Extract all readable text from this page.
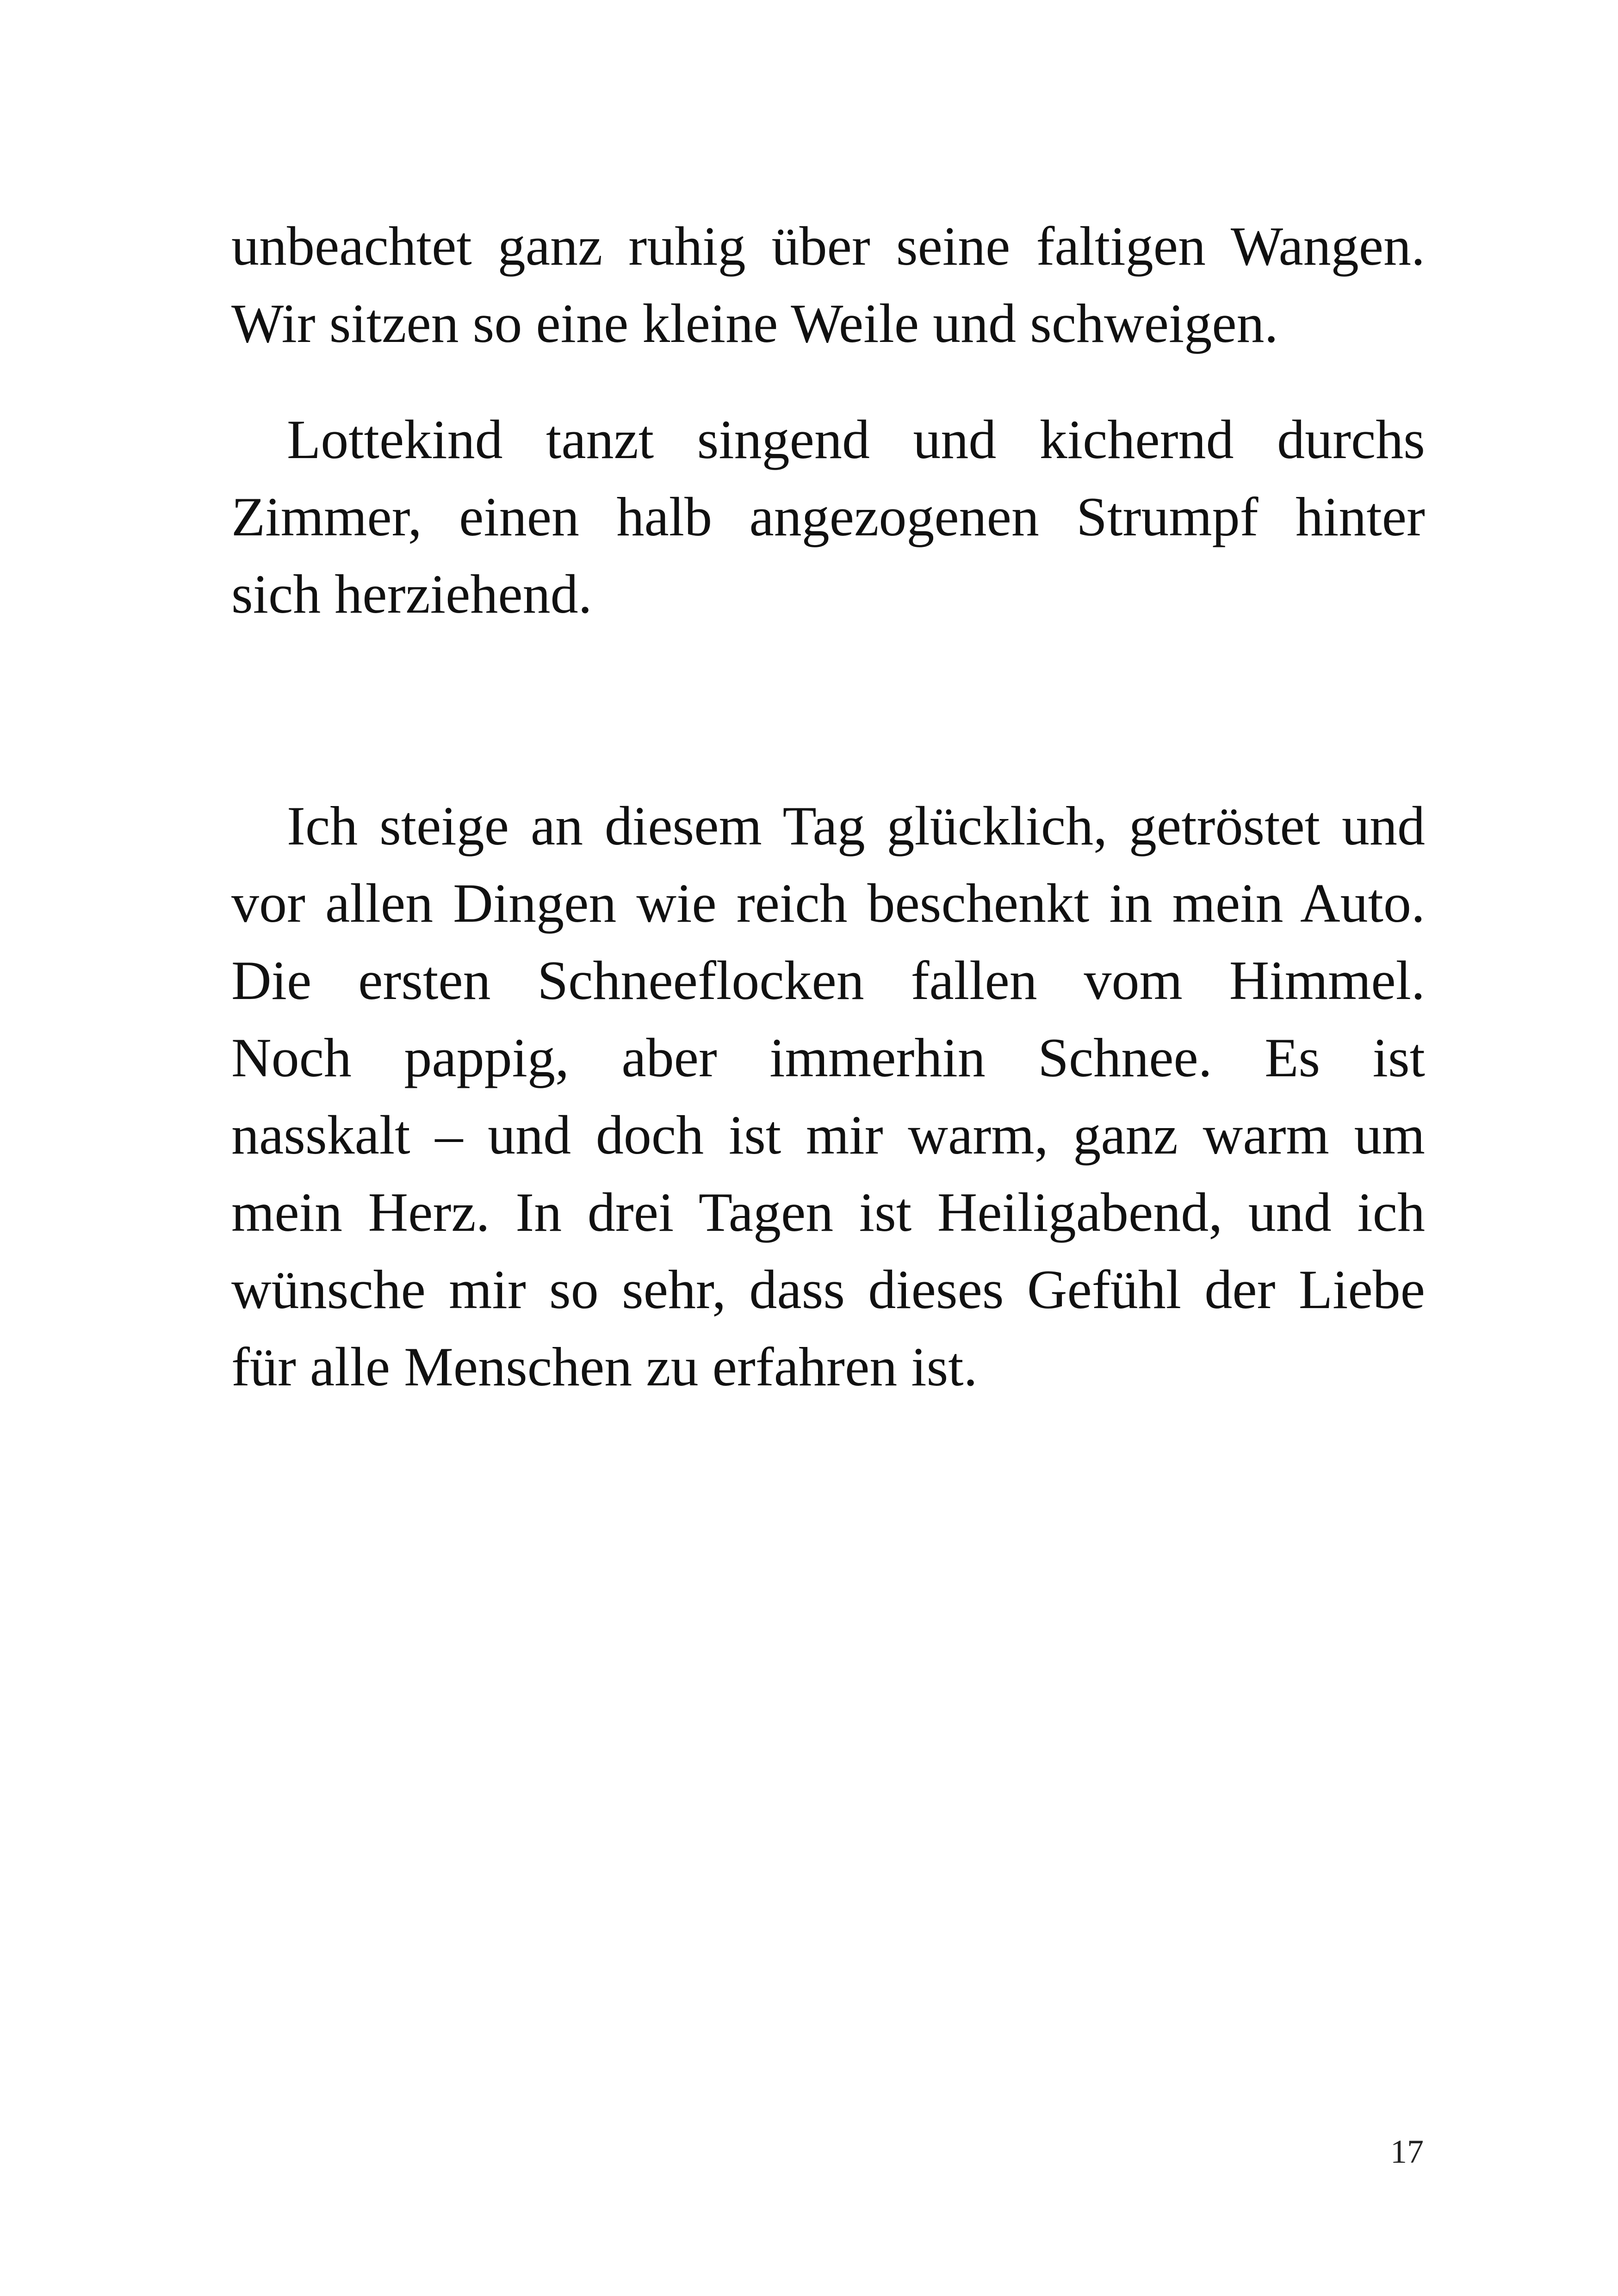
unbeachtet ganz ruhig über seine faltigen Wangen.
Wir sitzen so eine kleine Weile und schweigen.
Lottekind tanzt singend und kichernd durchs
Zimmer, einen halb angezogenen Strumpf hinter
sich herziehend.
Ich steige an diesem Tag glücklich, getröstet und
vor allen Dingen wie reich beschenkt in mein Auto.
Die ersten Schneeflocken fallen vom Himmel.
Noch pappig, aber immerhin Schnee. Es ist
nasskalt – und doch ist mir warm, ganz warm um
mein Herz. In drei Tagen ist Heiligabend, und ich
wünsche mir so sehr, dass dieses Gefühl der Liebe
für alle Menschen zu erfahren ist.
17
